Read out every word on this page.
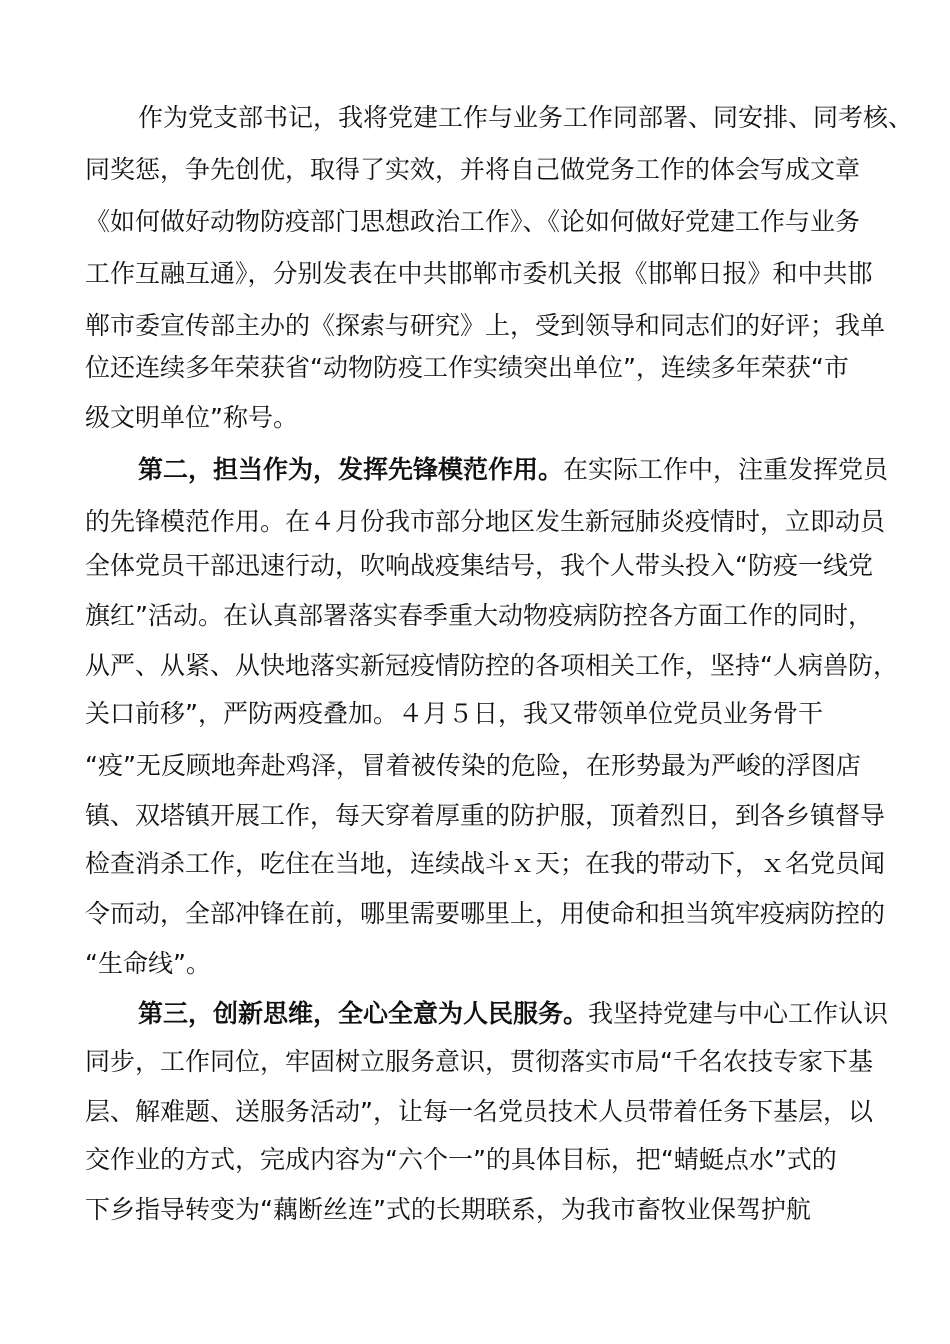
作为党支部书记，我将党建工作与业务工作同部署、同安排、同考核、

同奖惩，争先创优，取得了实效，并将自己做党务工作的体会写成文章

《如何做好动物防疫部门思想政治工作》、《论如何做好党建工作与业务

工作互融互通》，分别发表在中共邯郸市委机关报《邯郸日报》和中共邯

郸市委宣传部主办的《探索与研究》上，受到领导和同志们的好评；我单

位还连续多年荣获省“动物防疫工作实绩突出单位”，连续多年荣获“市

级文明单位”称号。

第二，担当作为，发挥先锋模范作用。在实际工作中，注重发挥党员

的先锋模范作用。在４月份我市部分地区发生新冠肺炎疫情时，立即动员

全体党员干部迅速行动，吹响战疫集结号，我个人带头投入“防疫一线党

旗红”活动。在认真部署落实春季重大动物疫病防控各方面工作的同时，

从严、从紧、从快地落实新冠疫情防控的各项相关工作，坚持“人病兽防，

关口前移”，严防两疫叠加。４月５日，我又带领单位党员业务骨干

“疫”无反顾地奔赴鸡泽，冒着被传染的危险，在形势最为严峻的浮图店

镇、双塔镇开展工作，每天穿着厚重的防护服，顶着烈日，到各乡镇督导

检查消杀工作，吃住在当地，连续战斗ｘ天；在我的带动下，ｘ名党员闻

令而动，全部冲锋在前，哪里需要哪里上，用使命和担当筑牢疫病防控的

“生命线”。

第三，创新思维，全心全意为人民服务。我坚持党建与中心工作认识

同步，工作同位，牢固树立服务意识，贯彻落实市局“千名农技专家下基

层、解难题、送服务活动”，让每一名党员技术人员带着任务下基层，以

交作业的方式，完成内容为“六个一”的具体目标，把“蜻蜓点水”式的

下乡指导转变为“藕断丝连”式的长期联系，为我市畜牧业保驾护航
